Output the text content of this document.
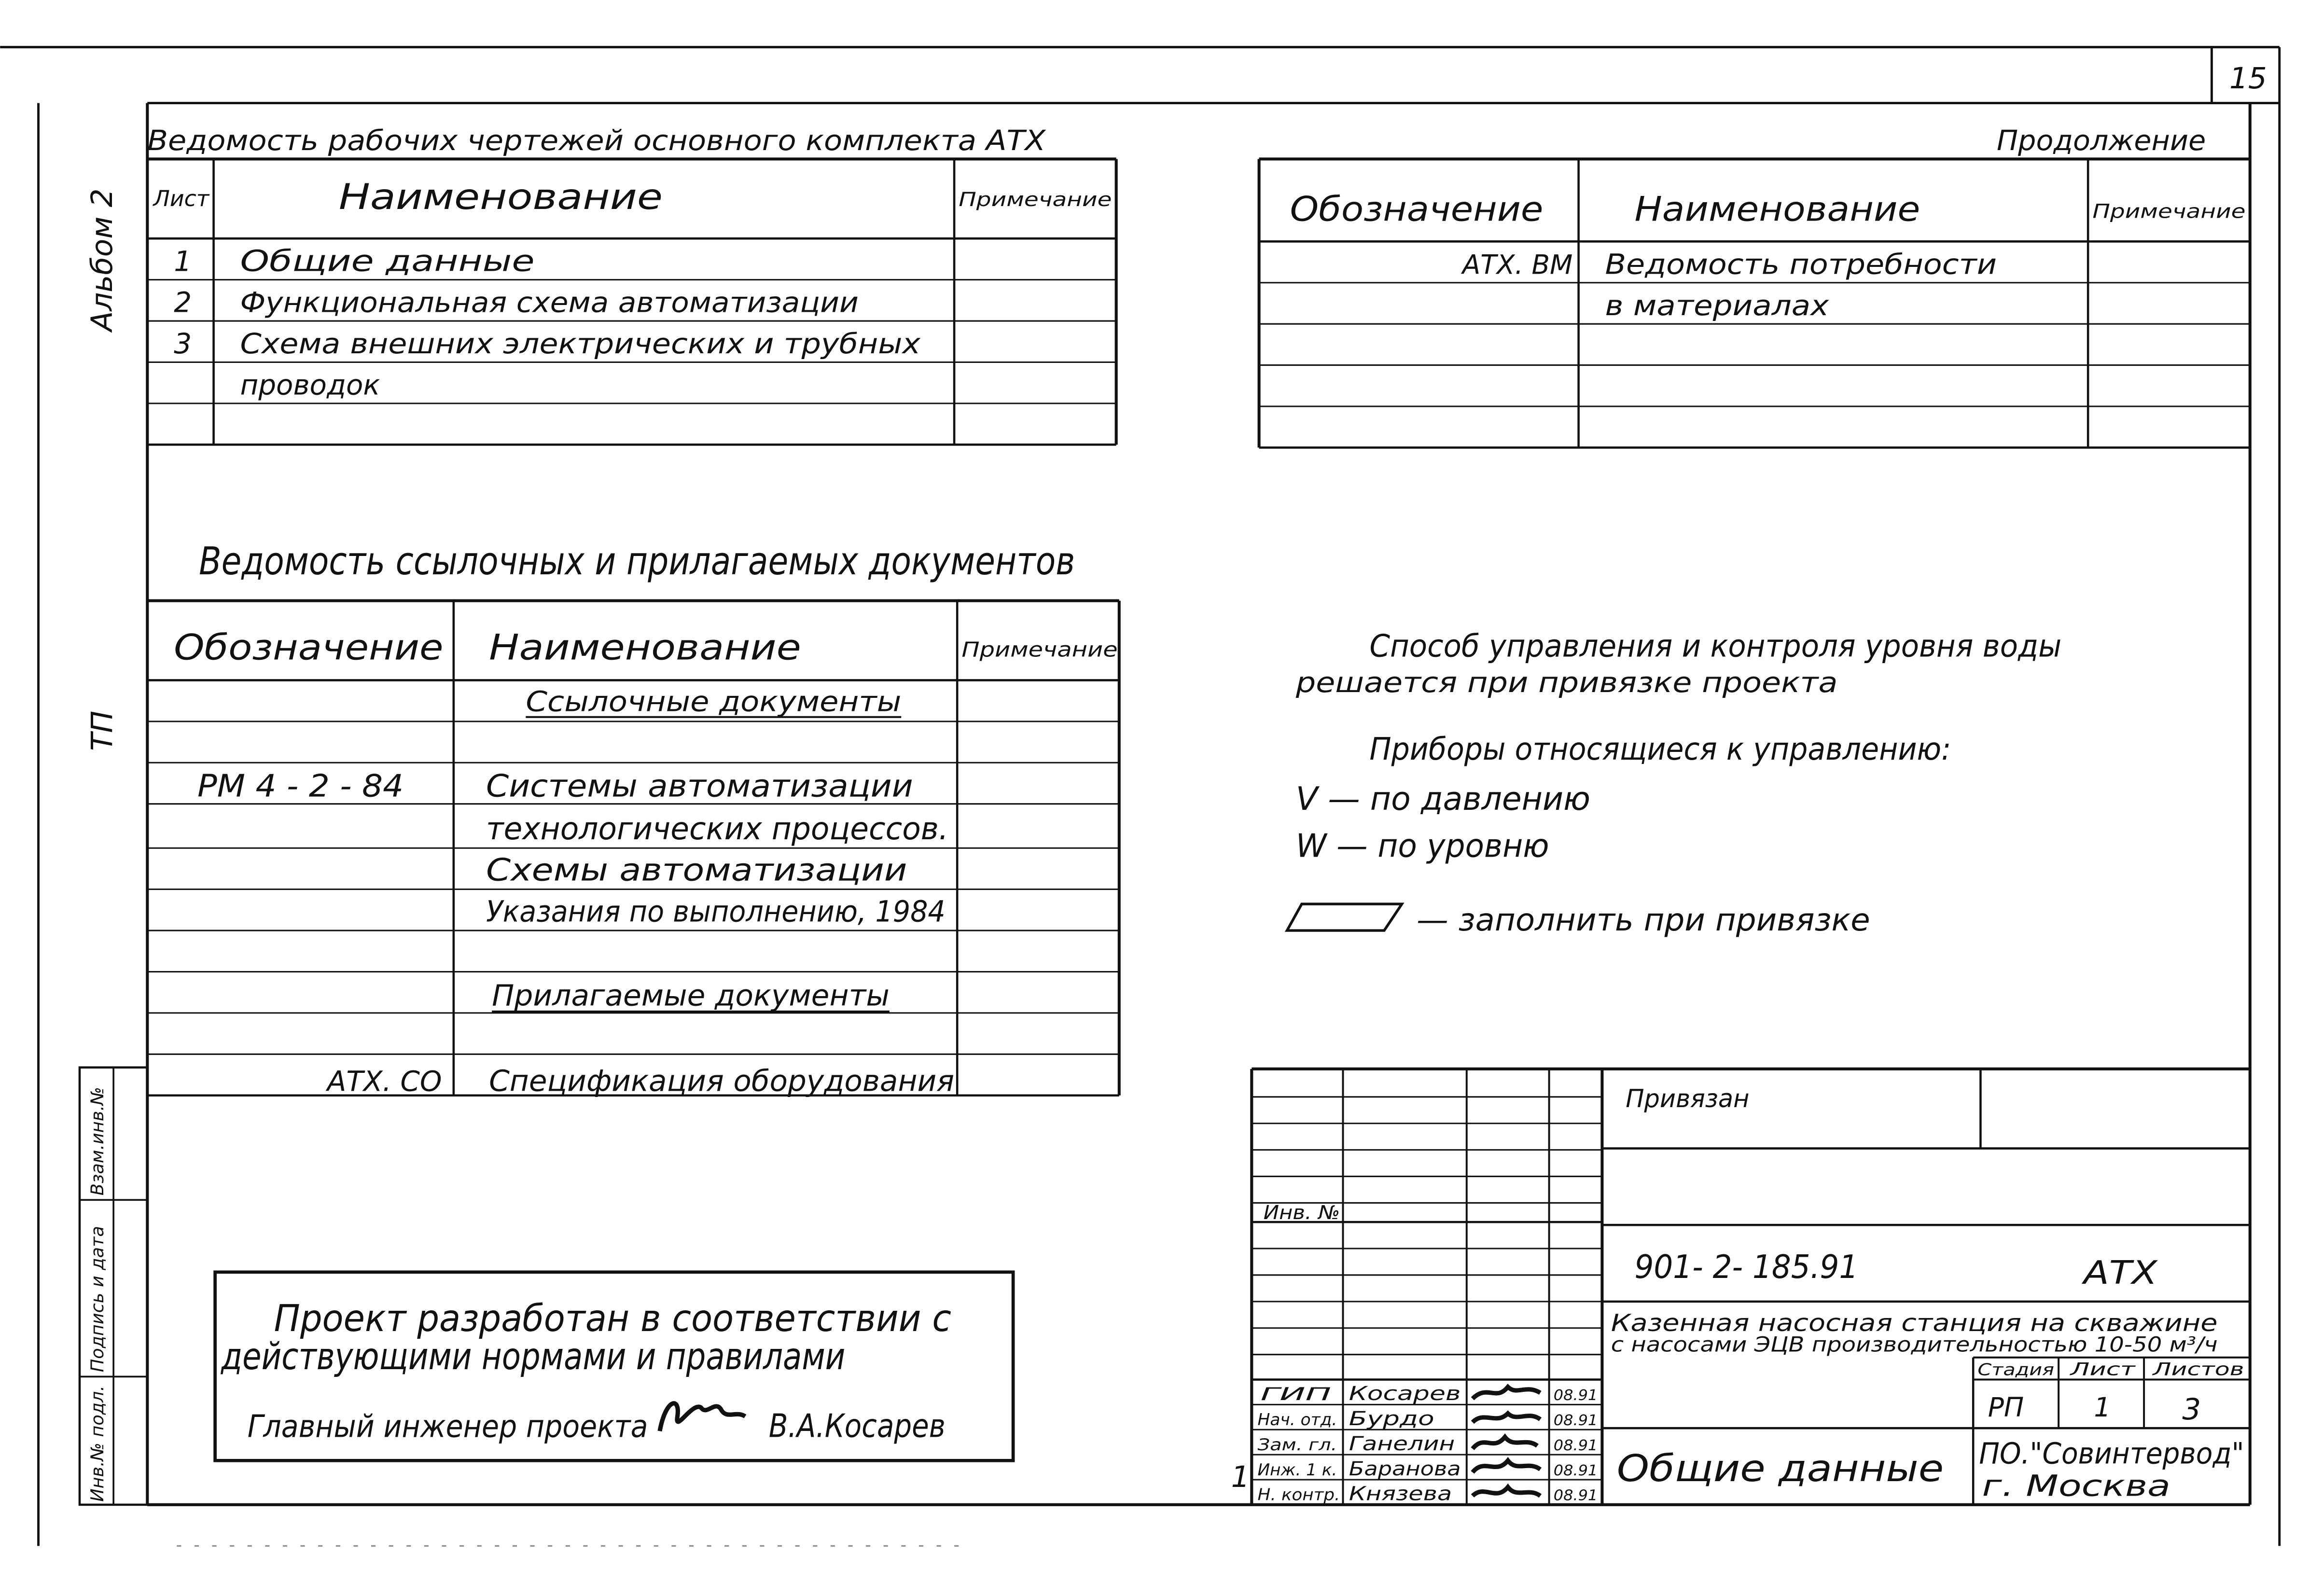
15
Альбом 2
ТП
Инв.№ подл.
Подпись и дата
Взам.инв.№
Ведомость рабочих чертежей основного комплекта АТХ
Лист	Наименование	Примечание
1	Общие данные
2	Функциональная схема автоматизации
3	Схема внешних электрических и трубных
проводок
Продолжение
Обозначение	Наименование	Примечание
АТХ. ВМ	Ведомость потребности
в материалах
Ведомость ссылочных и прилагаемых документов
Обозначение	Наименование	Примечание
Ссылочные документы
РМ 4 - 2 - 84	Системы автоматизации
технологических процессов.
Схемы автоматизации
Указания по выполнению, 1984
Прилагаемые документы
АТХ. СО	Спецификация оборудования
Способ управления и контроля уровня воды
решается при привязке проекта
Приборы относящиеся к управлению:
V — по давлению
W — по уровню
— заполнить при привязке
Проект разработан в соответствии с
действующими нормами и правилами
Главный инженер проекта	В.А.Косарев
Привязан
Инв. №
901- 2- 185.91	АТХ
Казенная насосная станция на скважине
с насосами ЭЦВ производительностью 10-50 м³/ч
Стадия	Лист	Листов
РП	1	3
Общие данные	ПО."Совинтервод"
г. Москва
1
ГИП	Косарев	08.91
Нач. отд. Бурдо	08.91
Зам. гл. Ганелин	08.91
Инж. 1 к. Баранова	08.91
Н. контр. Князева	08.91
